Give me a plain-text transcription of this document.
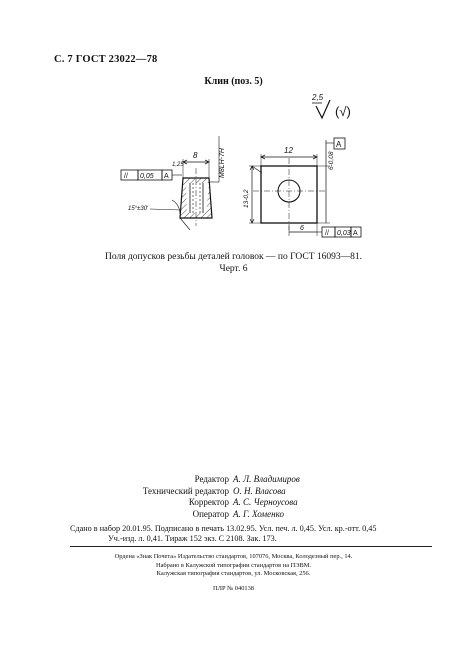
С. 7 ГОСТ 23022—78
Клин (поз. 5)
2,5
(√)
8	M8LH-7H
1,25
15°±30′
// 0,05 A
12
6-0,08
A
13-0,2
6
// 0,03 A
Поля допусков резьбы деталей головок — по ГОСТ 16093—81.
Черт. 6
Редактор А. Л. Владимиров
Технический редактор О. Н. Власова
Корректор А. С. Черноусова
Оператор А. Г. Хоменко
Сдано в набор 20.01.95. Подписано в печать 13.02.95. Усл. печ. л. 0,45. Усл. кр.-отт. 0,45
Уч.-изд. л. 0,41. Тираж 152 экз. С 2108. Зак. 173.
Ордена «Знак Почета» Издательство стандартов, 107076, Москва, Колодезный пер., 14.
Набрано в Калужской типографии стандартов на ПЭВМ.
Калужская типография стандартов, ул. Московская, 256.
ПЛР № 040138
